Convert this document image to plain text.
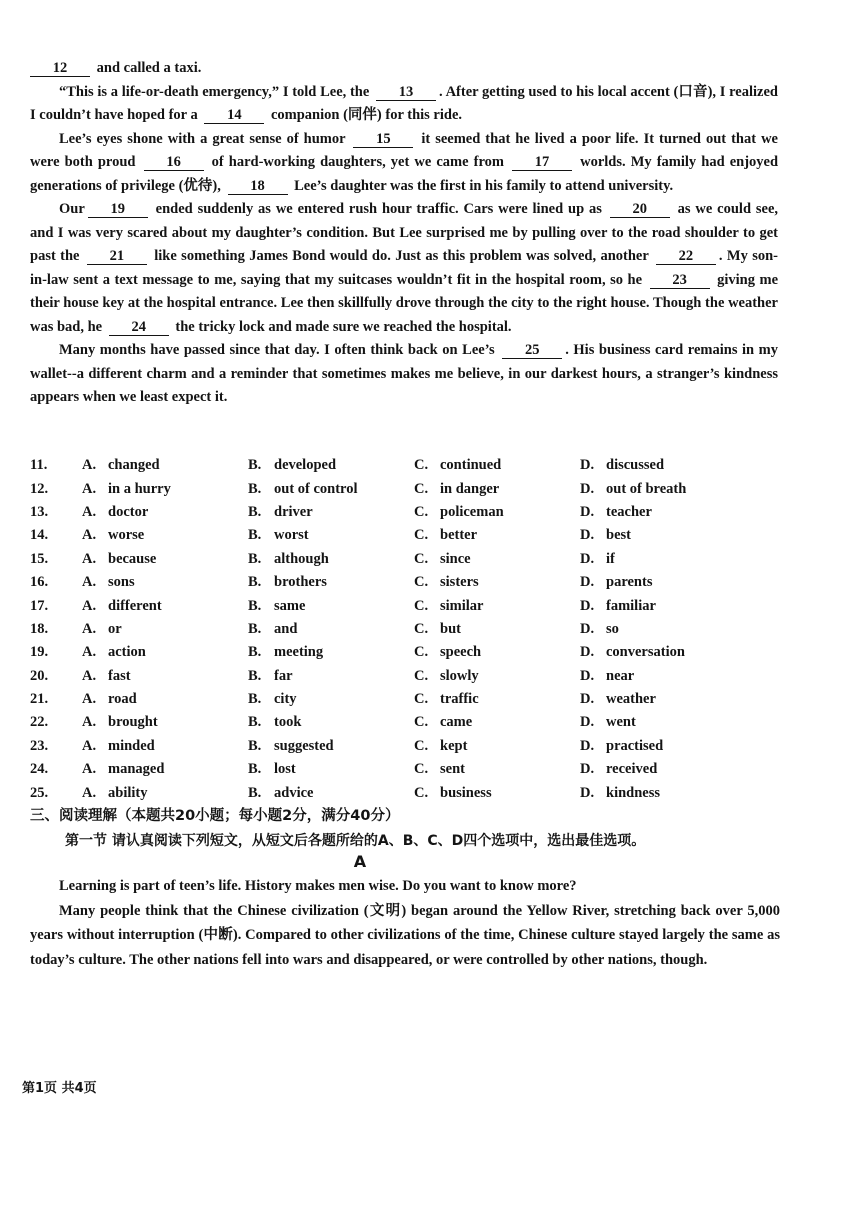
12 and called a taxi.

“This is a life-or-death emergency,” I told Lee, the 13 . After getting used to his local accent (口音), I realized I couldn’t have hoped for a 14 companion (同伴) for this ride.

Lee’s eyes shone with a great sense of humor 15 it seemed that he lived a poor life. It turned out that we were both proud 16 of hard-working daughters, yet we came from 17 worlds. My family had enjoyed generations of privilege (优待), 18 Lee’s daughter was the first in his family to attend university.

Our 19 ended suddenly as we entered rush hour traffic. Cars were lined up as 20 as we could see, and I was very scared about my daughter’s condition. But Lee surprised me by pulling over to the road shoulder to get past the 21 like something James Bond would do. Just as this problem was solved, another 22 . My son-in-law sent a text message to me, saying that my suitcases wouldn’t fit in the hospital room, so he 23 giving me their house key at the hospital entrance. Lee then skillfully drove through the city to the right house. Though the weather was bad, he 24 the tricky lock and made sure we reached the hospital.

Many months have passed since that day. I often think back on Lee’s 25 . His business card remains in my wallet--a different charm and a reminder that sometimes makes me believe, in our darkest hours, a stranger’s kindness appears when we least expect it.

11.	A. changed	B. developed	C. continued	D. discussed
12.	A. in a hurry	B. out of control	C. in danger	D. out of breath
13.	A. doctor	B. driver	C. policeman	D. teacher
14.	A. worse	B. worst	C. better	D. best
15.	A. because	B. although	C. since	D. if
16.	A. sons	B. brothers	C. sisters	D. parents
17.	A. different	B. same	C. similar	D. familiar
18.	A. or	B. and	C. but	D. so
19.	A. action	B. meeting	C. speech	D. conversation
20.	A. fast	B. far	C. slowly	D. near
21.	A. road	B. city	C. traffic	D. weather
22.	A. brought	B. took	C. came	D. went
23.	A. minded	B. suggested	C. kept	D. practised
24.	A. managed	B. lost	C. sent	D. received
25.	A. ability	B. advice	C. business	D. kindness
三、阅读理解（本题共20小题；每小题2分，满分40分）
第一节 请认真阅读下列短文，从短文后各题所给的A、B、C、D四个选项中，选出最佳选项。
A

Learning is part of teen’s life. History makes men wise. Do you want to know more?

Many people think that the Chinese civilization (文明) began around the Yellow River, stretching back over 5,000 years without interruption (中断). Compared to other civilizations of the time, Chinese culture stayed largely the same as today’s culture. The other nations fell into wars and disappeared, or were controlled by other nations, though.

第1页 共4页
